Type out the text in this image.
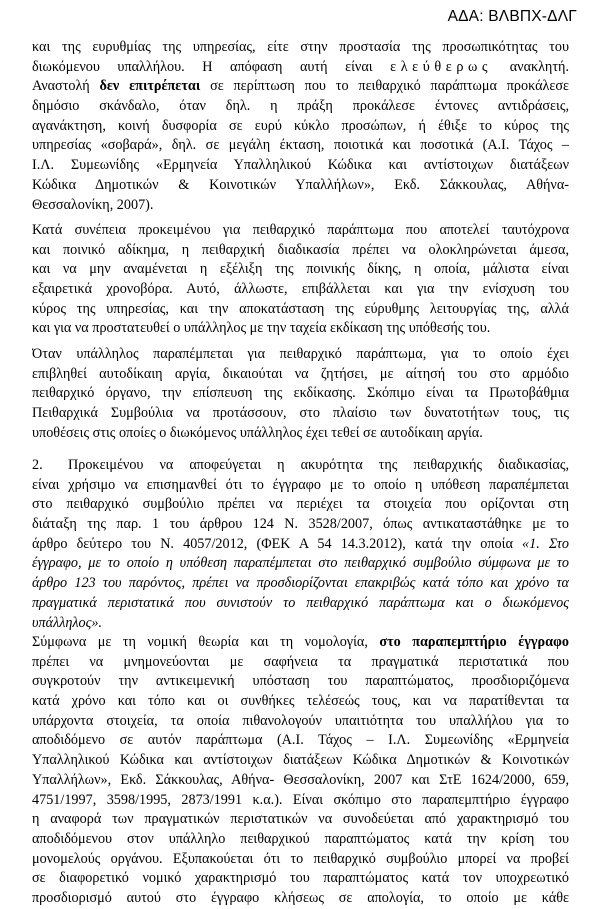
ΑΔΑ: ΒΛΒΠΧ-ΔΛΓ
και της ευρυθμίας της υπηρεσίας, είτε στην προστασία της προσωπικότητας του
διωκόμενου υπαλλήλου. Η απόφαση αυτή είναι ελεύθερως ανακλητή.
Αναστολή δεν επιτρέπεται σε περίπτωση που το πειθαρχικό παράπτωμα προκάλεσε
δημόσιο σκάνδαλο, όταν δηλ. η πράξη προκάλεσε έντονες αντιδράσεις,
αγανάκτηση, κοινή δυσφορία σε ευρύ κύκλο προσώπων, ή έθιξε το κύρος της
υπηρεσίας «σοβαρά», δηλ. σε μεγάλη έκταση, ποιοτικά και ποσοτικά (Α.Ι. Τάχος –
Ι.Λ. Συμεωνίδης «Ερμηνεία Υπαλληλικού Κώδικα και αντίστοιχων διατάξεων
Κώδικα Δημοτικών & Κοινοτικών Υπαλλήλων», Εκδ. Σάκκουλας, Αθήνα-
Θεσσαλονίκη, 2007).
Κατά συνέπεια προκειμένου για πειθαρχικό παράπτωμα που αποτελεί ταυτόχρονα
και ποινικό αδίκημα, η πειθαρχική διαδικασία πρέπει να ολοκληρώνεται άμεσα,
και να μην αναμένεται η εξέλιξη της ποινικής δίκης, η οποία, μάλιστα είναι
εξαιρετικά χρονοβόρα. Αυτό, άλλωστε, επιβάλλεται και για την ενίσχυση του
κύρος της υπηρεσίας, και την αποκατάσταση της εύρυθμης λειτουργίας της, αλλά
και για να προστατευθεί ο υπάλληλος με την ταχεία εκδίκαση της υπόθεσής του.
Όταν υπάλληλος παραπέμπεται για πειθαρχικό παράπτωμα, για το οποίο έχει
επιβληθεί αυτοδίκαιη αργία, δικαιούται να ζητήσει, με αίτησή του στο αρμόδιο
πειθαρχικό όργανο, την επίσπευση της εκδίκασης. Σκόπιμο είναι τα Πρωτοβάθμια
Πειθαρχικά Συμβούλια να προτάσσουν, στο πλαίσιο των δυνατοτήτων τους, τις
υποθέσεις στις οποίες ο διωκόμενος υπάλληλος έχει τεθεί σε αυτοδίκαιη αργία.
2. Προκειμένου να αποφεύγεται η ακυρότητα της πειθαρχικής διαδικασίας,
είναι χρήσιμο να επισημανθεί ότι το έγγραφο με το οποίο η υπόθεση παραπέμπεται
στο πειθαρχικό συμβούλιο πρέπει να περιέχει τα στοιχεία που ορίζονται στη
διάταξη της παρ. 1 του άρθρου 124 Ν. 3528/2007, όπως αντικαταστάθηκε με το
άρθρο δεύτερο του Ν. 4057/2012, (ΦΕΚ Α 54 14.3.2012), κατά την οποία «1. Στο
έγγραφο, με το οποίο η υπόθεση παραπέμπεται στο πειθαρχικό συμβούλιο σύμφωνα με το
άρθρο 123 του παρόντος, πρέπει να προσδιορίζονται επακριβώς κατά τόπο και χρόνο τα
πραγματικά περιστατικά που συνιστούν το πειθαρχικό παράπτωμα και ο διωκόμενος
υπάλληλος».
Σύμφωνα με τη νομική θεωρία και τη νομολογία, στο παραπεμπτήριο έγγραφο
πρέπει να μνημονεύονται με σαφήνεια τα πραγματικά περιστατικά που
συγκροτούν την αντικειμενική υπόσταση του παραπτώματος, προσδιοριζόμενα
κατά χρόνο και τόπο και οι συνθήκες τελέσεώς τους, και να παρατίθενται τα
υπάρχοντα στοιχεία, τα οποία πιθανολογούν υπαιτιότητα του υπαλλήλου για το
αποδιδόμενο σε αυτόν παράπτωμα (Α.Ι. Τάχος – Ι.Λ. Συμεωνίδης «Ερμηνεία
Υπαλληλικού Κώδικα και αντίστοιχων διατάξεων Κώδικα Δημοτικών & Κοινοτικών
Υπαλλήλων», Εκδ. Σάκκουλας, Αθήνα- Θεσσαλονίκη, 2007 και ΣτΕ 1624/2000, 659,
4751/1997, 3598/1995, 2873/1991 κ.α.). Είναι σκόπιμο στο παραπεμπτήριο έγγραφο
η αναφορά των πραγματικών περιστατικών να συνοδεύεται από χαρακτηρισμό του
αποδιδόμενου στον υπάλληλο πειθαρχικού παραπτώματος κατά την κρίση του
μονομελούς οργάνου. Εξυπακούεται ότι το πειθαρχικό συμβούλιο μπορεί να προβεί
σε διαφορετικό νομικό χαρακτηρισμό του παραπτώματος κατά τον υποχρεωτικό
προσδιορισμό αυτού στο έγγραφο κλήσεως σε απολογία, το οποίο με κάθε
